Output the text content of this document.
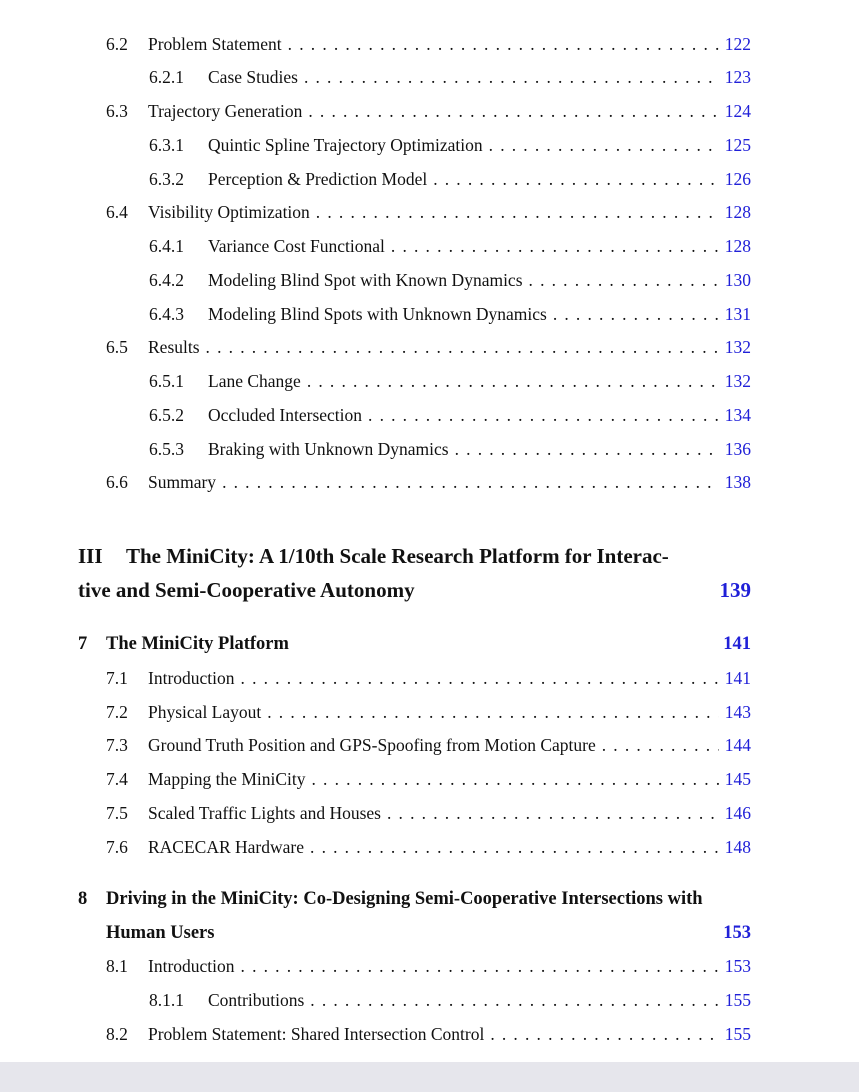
6.2	Problem Statement . . .	122
6.2.1	Case Studies . . .	123
6.3	Trajectory Generation . . .	124
6.3.1	Quintic Spline Trajectory Optimization . . .	125
6.3.2	Perception & Prediction Model . . .	126
6.4	Visibility Optimization . . .	128
6.4.1	Variance Cost Functional . . .	128
6.4.2	Modeling Blind Spot with Known Dynamics . . .	130
6.4.3	Modeling Blind Spots with Unknown Dynamics . . .	131
6.5	Results . . .	132
6.5.1	Lane Change . . .	132
6.5.2	Occluded Intersection . . .	134
6.5.3	Braking with Unknown Dynamics . . .	136
6.6	Summary . . .	138
III The MiniCity: A 1/10th Scale Research Platform for Interac-
tive and Semi-Cooperative Autonomy	139
7	The MiniCity Platform	141
7.1	Introduction . . .	141
7.2	Physical Layout . . .	143
7.3	Ground Truth Position and GPS-Spoofing from Motion Capture . . .	144
7.4	Mapping the MiniCity . . .	145
7.5	Scaled Traffic Lights and Houses . . .	146
7.6	RACECAR Hardware . . .	148
8	Driving in the MiniCity: Co-Designing Semi-Cooperative Intersections with
Human Users	153
8.1	Introduction . . .	153
8.1.1	Contributions . . .	155
8.2	Problem Statement: Shared Intersection Control . . .	155
